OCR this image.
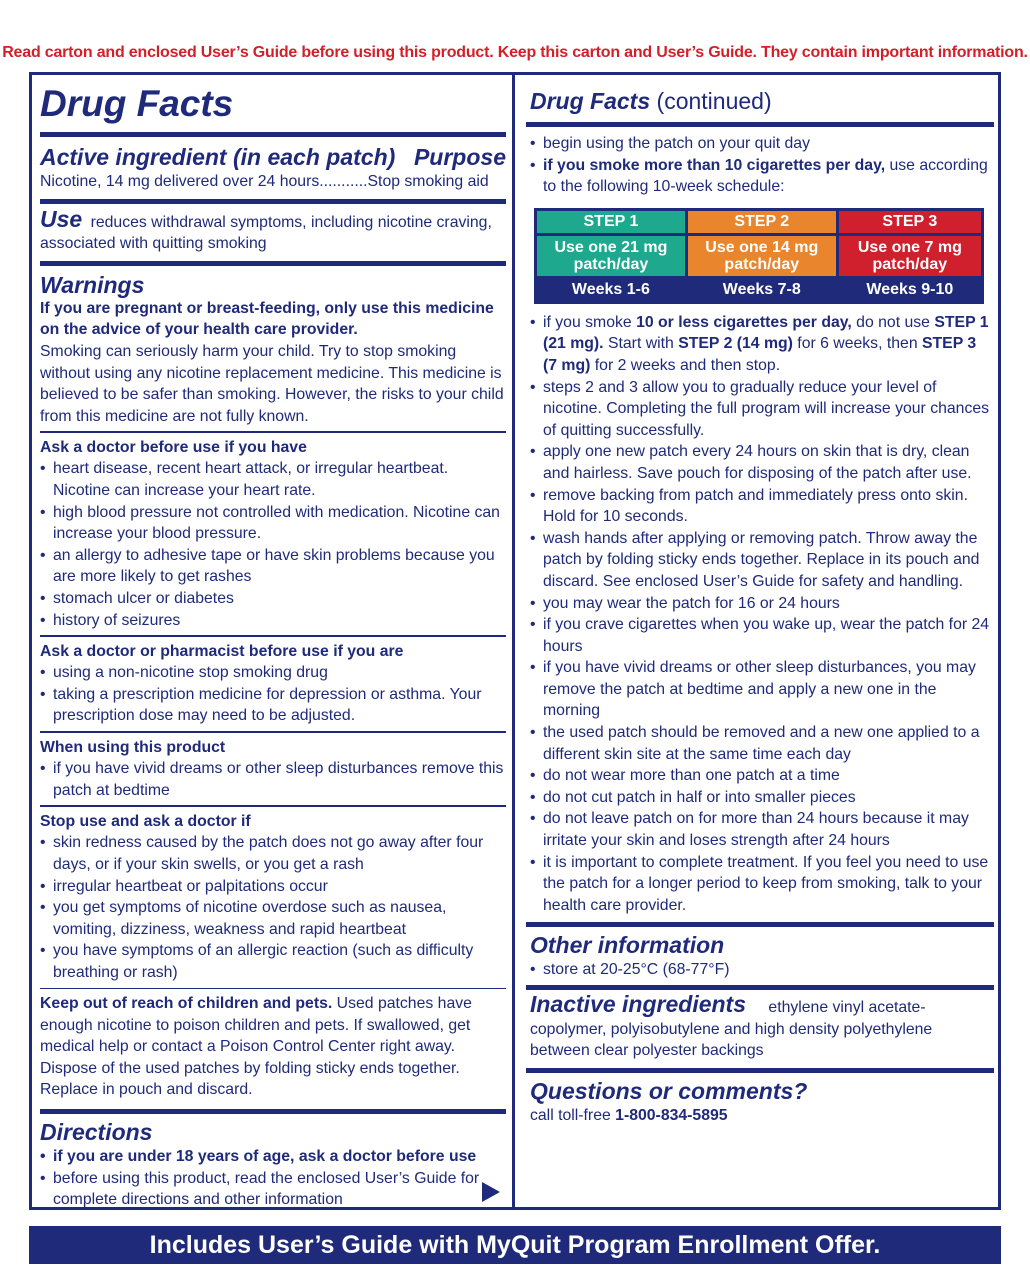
Read carton and enclosed User’s Guide before using this product. Keep this carton and User’s Guide. They contain important information.
Drug Facts
Active ingredient (in each patch) Purpose
Nicotine, 14 mg delivered over 24 hours...........Stop smoking aid
Use reduces withdrawal symptoms, including nicotine craving, associated with quitting smoking
Warnings
If you are pregnant or breast-feeding, only use this medicine on the advice of your health care provider.
Smoking can seriously harm your child. Try to stop smoking without using any nicotine replacement medicine. This medicine is believed to be safer than smoking. However, the risks to your child from this medicine are not fully known.
Ask a doctor before use if you have
• heart disease, recent heart attack, or irregular heartbeat. Nicotine can increase your heart rate.
• high blood pressure not controlled with medication. Nicotine can increase your blood pressure.
• an allergy to adhesive tape or have skin problems because you are more likely to get rashes
• stomach ulcer or diabetes
• history of seizures
Ask a doctor or pharmacist before use if you are
• using a non-nicotine stop smoking drug
• taking a prescription medicine for depression or asthma. Your prescription dose may need to be adjusted.
When using this product
• if you have vivid dreams or other sleep disturbances remove this patch at bedtime
Stop use and ask a doctor if
• skin redness caused by the patch does not go away after four days, or if your skin swells, or you get a rash
• irregular heartbeat or palpitations occur
• you get symptoms of nicotine overdose such as nausea, vomiting, dizziness, weakness and rapid heartbeat
• you have symptoms of an allergic reaction (such as difficulty breathing or rash)
Keep out of reach of children and pets. Used patches have enough nicotine to poison children and pets. If swallowed, get medical help or contact a Poison Control Center right away. Dispose of the used patches by folding sticky ends together. Replace in pouch and discard.
Directions
• if you are under 18 years of age, ask a doctor before use
• before using this product, read the enclosed User’s Guide for complete directions and other information
Drug Facts (continued)
• begin using the patch on your quit day
• if you smoke more than 10 cigarettes per day, use according to the following 10-week schedule:
STEP 1	STEP 2	STEP 3
Use one 21 mg patch/day	Use one 14 mg patch/day	Use one 7 mg patch/day
Weeks 1-6	Weeks 7-8	Weeks 9-10
• if you smoke 10 or less cigarettes per day, do not use STEP 1 (21 mg). Start with STEP 2 (14 mg) for 6 weeks, then STEP 3 (7 mg) for 2 weeks and then stop.
• steps 2 and 3 allow you to gradually reduce your level of nicotine. Completing the full program will increase your chances of quitting successfully.
• apply one new patch every 24 hours on skin that is dry, clean and hairless. Save pouch for disposing of the patch after use.
• remove backing from patch and immediately press onto skin. Hold for 10 seconds.
• wash hands after applying or removing patch. Throw away the patch by folding sticky ends together. Replace in its pouch and discard. See enclosed User’s Guide for safety and handling.
• you may wear the patch for 16 or 24 hours
• if you crave cigarettes when you wake up, wear the patch for 24 hours
• if you have vivid dreams or other sleep disturbances, you may remove the patch at bedtime and apply a new one in the morning
• the used patch should be removed and a new one applied to a different skin site at the same time each day
• do not wear more than one patch at a time
• do not cut patch in half or into smaller pieces
• do not leave patch on for more than 24 hours because it may irritate your skin and loses strength after 24 hours
• it is important to complete treatment. If you feel you need to use the patch for a longer period to keep from smoking, talk to your health care provider.
Other information
• store at 20-25°C (68-77°F)
Inactive ingredients ethylene vinyl acetate-copolymer, polyisobutylene and high density polyethylene between clear polyester backings
Questions or comments?
call toll-free 1-800-834-5895
Includes User’s Guide with MyQuit Program Enrollment Offer.
